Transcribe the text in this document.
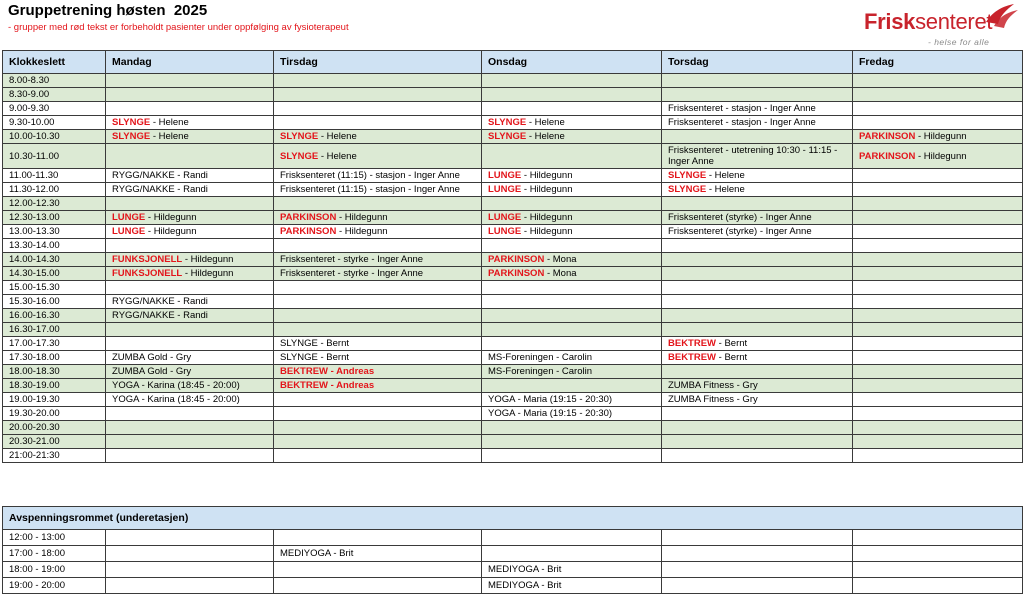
Gruppetrening høsten  2025
- grupper med rød tekst er forbeholdt pasienter under oppfølging av fysioterapeut	Frisksenteret
- helse for alle
Klokkeslett	Mandag	Tirsdag	Onsdag	Torsdag	Fredag
8.00-8.30					
8.30-9.00					
9.00-9.30				Frisksenteret - stasjon - Inger Anne	
9.30-10.00	SLYNGE - Helene		SLYNGE - Helene	Frisksenteret - stasjon - Inger Anne	
10.00-10.30	SLYNGE - Helene	SLYNGE - Helene	SLYNGE - Helene		PARKINSON - Hildegunn
10.30-11.00		SLYNGE - Helene		Frisksenteret - utetrening 10:30 - 11:15 - Inger Anne	PARKINSON - Hildegunn
11.00-11.30	RYGG/NAKKE - Randi	Frisksenteret (11:15) - stasjon - Inger Anne	LUNGE - Hildegunn	SLYNGE - Helene	
11.30-12.00	RYGG/NAKKE - Randi	Frisksenteret (11:15) - stasjon - Inger Anne	LUNGE - Hildegunn	SLYNGE - Helene	
12.00-12.30					
12.30-13.00	LUNGE - Hildegunn	PARKINSON - Hildegunn	LUNGE - Hildegunn	Frisksenteret (styrke) - Inger Anne	
13.00-13.30	LUNGE - Hildegunn	PARKINSON - Hildegunn	LUNGE - Hildegunn	Frisksenteret (styrke) - Inger Anne	
13.30-14.00					
14.00-14.30	FUNKSJONELL - Hildegunn	Frisksenteret - styrke - Inger Anne	PARKINSON - Mona		
14.30-15.00	FUNKSJONELL - Hildegunn	Frisksenteret - styrke - Inger Anne	PARKINSON - Mona		
15.00-15.30					
15.30-16.00	RYGG/NAKKE - Randi				
16.00-16.30	RYGG/NAKKE - Randi				
16.30-17.00					
17.00-17.30		SLYNGE - Bernt		BEKTREW - Bernt	
17.30-18.00	ZUMBA Gold - Gry	SLYNGE - Bernt	MS-Foreningen - Carolin	BEKTREW - Bernt	
18.00-18.30	ZUMBA Gold - Gry	BEKTREW - Andreas	MS-Foreningen - Carolin		
18.30-19.00	YOGA - Karina (18:45 - 20:00)	BEKTREW - Andreas		ZUMBA Fitness - Gry	
19.00-19.30	YOGA - Karina (18:45 - 20:00)		YOGA - Maria (19:15 - 20:30)	ZUMBA Fitness - Gry	
19.30-20.00			YOGA - Maria (19:15 - 20:30)		
20.00-20.30					
20.30-21.00					
21:00-21:30					
Avspenningsrommet (underetasjen)					
12:00 - 13:00					
17:00 - 18:00		MEDIYOGA - Brit			
18:00 - 19:00			MEDIYOGA - Brit		
19:00 - 20:00			MEDIYOGA - Brit		
